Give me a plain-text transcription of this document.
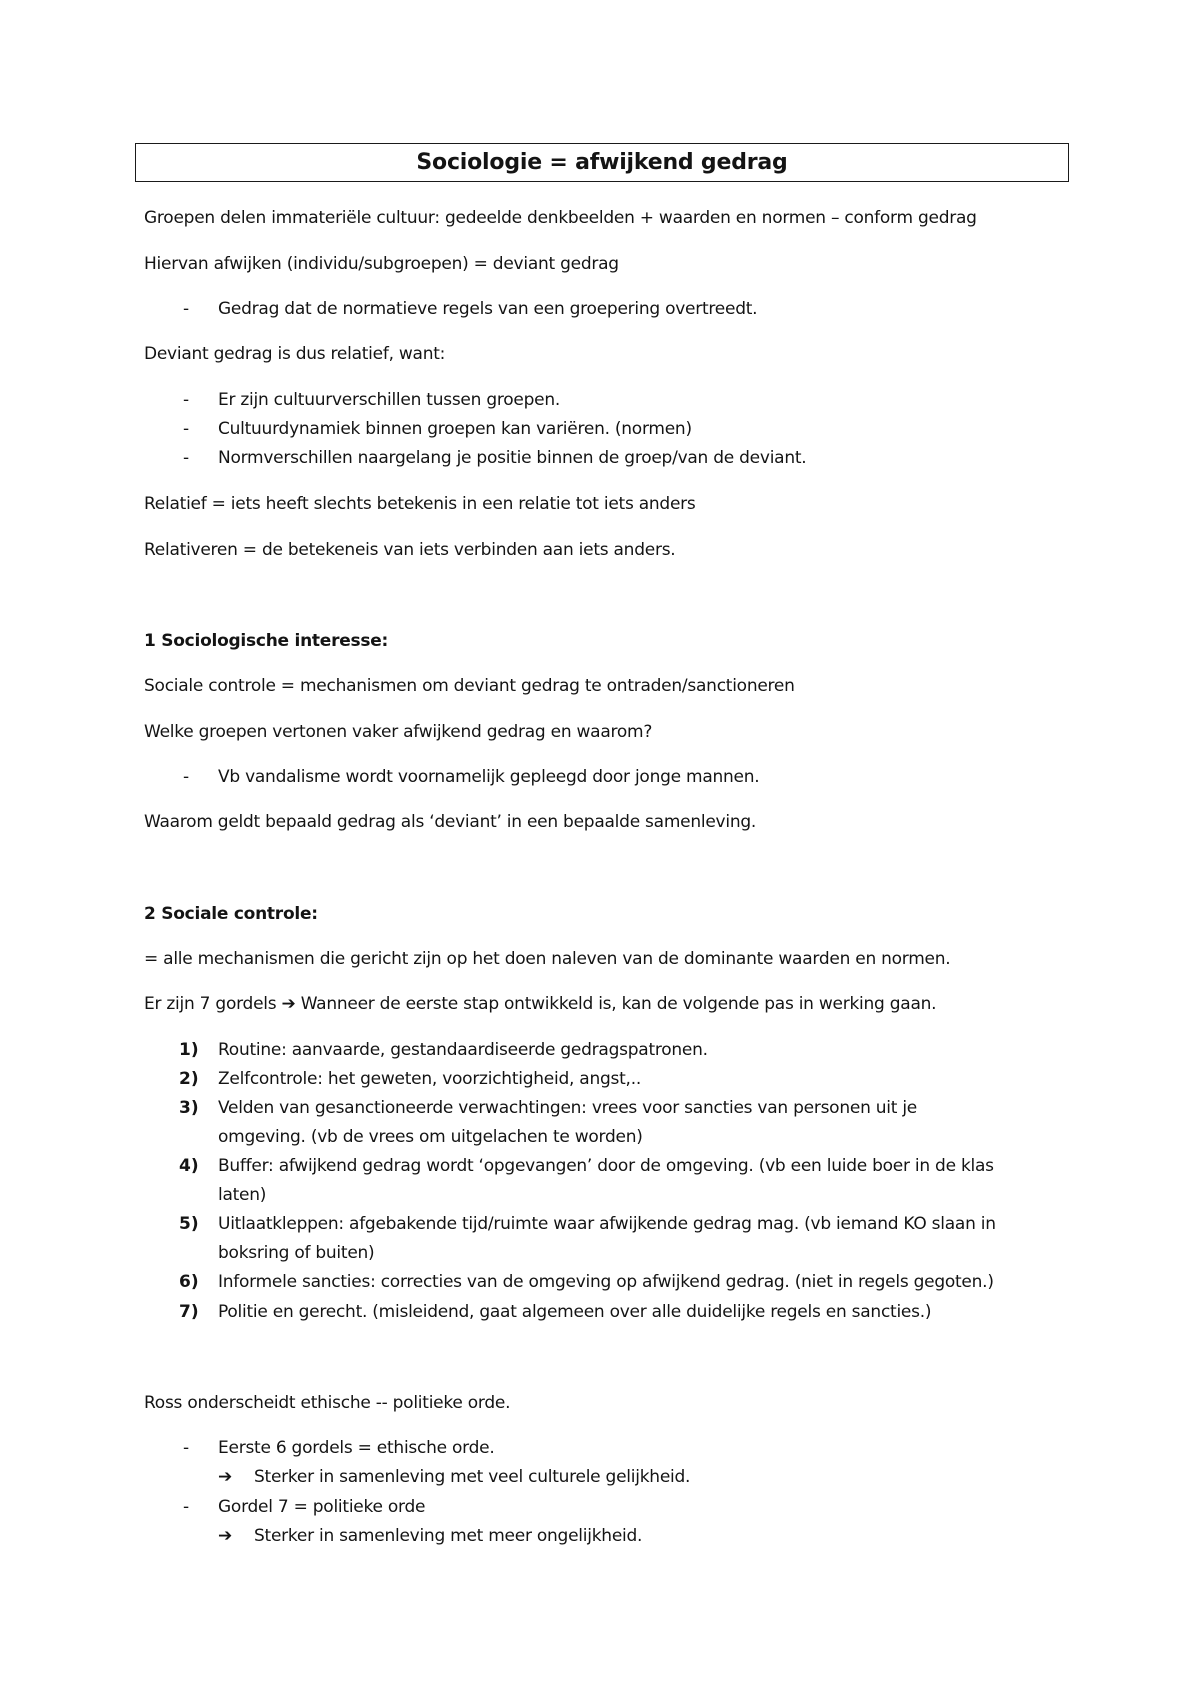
Sociologie = afwijkend gedrag
Groepen delen immateriële cultuur: gedeelde denkbeelden + waarden en normen – conform gedrag
Hiervan afwijken (individu/subgroepen) = deviant gedrag
- Gedrag dat de normatieve regels van een groepering overtreedt.
Deviant gedrag is dus relatief, want:
- Er zijn cultuurverschillen tussen groepen.
- Cultuurdynamiek binnen groepen kan variëren. (normen)
- Normverschillen naargelang je positie binnen de groep/van de deviant.
Relatief = iets heeft slechts betekenis in een relatie tot iets anders
Relativeren = de betekeneis van iets verbinden aan iets anders.
1 Sociologische interesse:
Sociale controle = mechanismen om deviant gedrag te ontraden/sanctioneren
Welke groepen vertonen vaker afwijkend gedrag en waarom?
- Vb vandalisme wordt voornamelijk gepleegd door jonge mannen.
Waarom geldt bepaald gedrag als ‘deviant’ in een bepaalde samenleving.
2 Sociale controle:
= alle mechanismen die gericht zijn op het doen naleven van de dominante waarden en normen.
Er zijn 7 gordels ➔ Wanneer de eerste stap ontwikkeld is, kan de volgende pas in werking gaan.
1) Routine: aanvaarde, gestandaardiseerde gedragspatronen.
2) Zelfcontrole: het geweten, voorzichtigheid, angst,..
3) Velden van gesanctioneerde verwachtingen: vrees voor sancties van personen uit je
omgeving. (vb de vrees om uitgelachen te worden)
4) Buffer: afwijkend gedrag wordt ‘opgevangen’ door de omgeving. (vb een luide boer in de klas
laten)
5) Uitlaatkleppen: afgebakende tijd/ruimte waar afwijkende gedrag mag. (vb iemand KO slaan in
boksring of buiten)
6) Informele sancties: correcties van de omgeving op afwijkend gedrag. (niet in regels gegoten.)
7) Politie en gerecht. (misleidend, gaat algemeen over alle duidelijke regels en sancties.)
Ross onderscheidt ethische -- politieke orde.
- Eerste 6 gordels = ethische orde.
➔ Sterker in samenleving met veel culturele gelijkheid.
- Gordel 7 = politieke orde
➔ Sterker in samenleving met meer ongelijkheid.
